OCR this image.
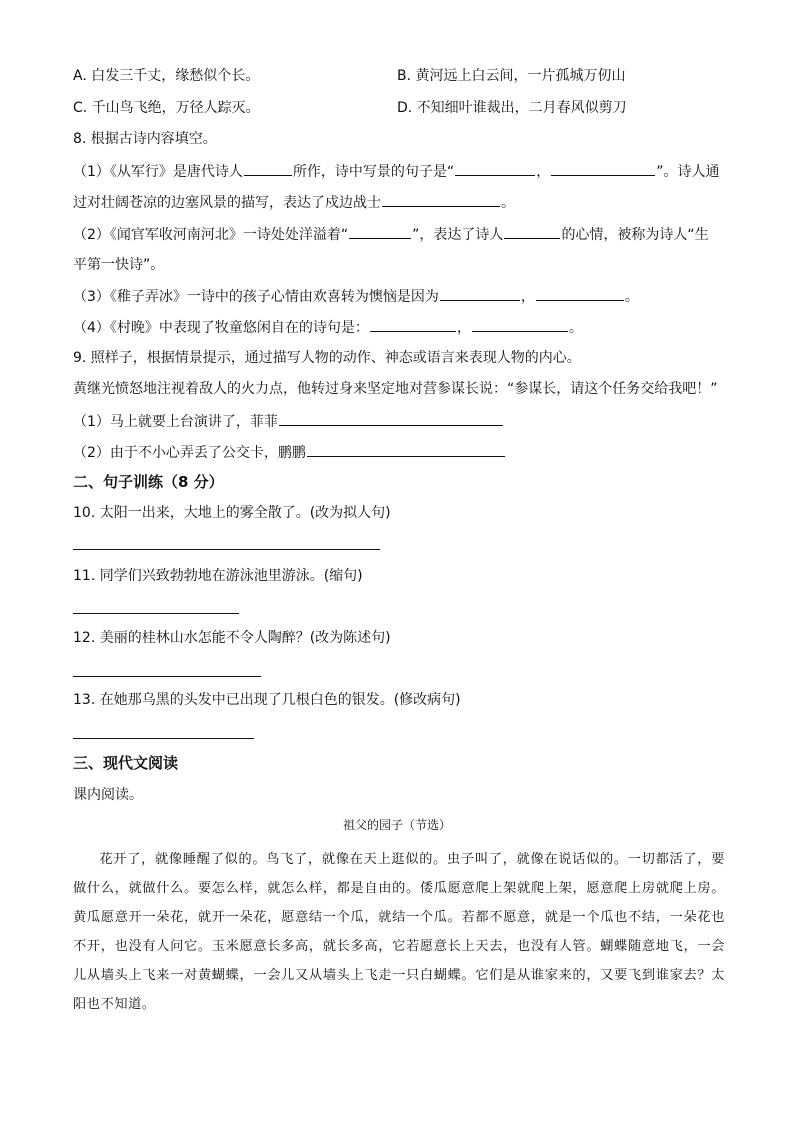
A. 白发三千丈，缘愁似个长。	B. 黄河远上白云间，一片孤城万仞山
C. 千山鸟飞绝，万径人踪灭。	D. 不知细叶谁裁出，二月春风似剪刀
8. 根据古诗内容填空。
（1）《从军行》是唐代诗人	所作，诗中写景的句子是“	，	”。诗人通
过对壮阔苍凉的边塞风景的描写，表达了戍边战士	。
（2）《闻官军收河南河北》一诗处处洋溢着“	”，表达了诗人	的心情，被称为诗人“生
平第一快诗”。
（3）《稚子弄冰》一诗中的孩子心情由欢喜转为懊恼是因为	，	。
（4）《村晚》中表现了牧童悠闲自在的诗句是：	，	。
9. 照样子，根据情景提示，通过描写人物的动作、神态或语言来表现人物的内心。
黄继光愤怒地注视着敌人的火力点，他转过身来坚定地对营参谋长说：“参谋长，请这个任务交给我吧！”
（1）马上就要上台演讲了，菲菲
（2）由于不小心弄丢了公交卡，鹏鹏
二、句子训练（8 分）
10. 太阳一出来，大地上的雾全散了。(改为拟人句)
11. 同学们兴致勃勃地在游泳池里游泳。(缩句)
12. 美丽的桂林山水怎能不令人陶醉？(改为陈述句)
13. 在她那乌黑的头发中已出现了几根白色的银发。(修改病句)
三、现代文阅读
课内阅读。
祖父的园子（节选）
花开了，就像睡醒了似的。鸟飞了，就像在天上逛似的。虫子叫了，就像在说话似的。一切都活了，要做什么，就做什么。要怎么样，就怎么样，都是自由的。倭瓜愿意爬上架就爬上架，愿意爬上房就爬上房。黄瓜愿意开一朵花，就开一朵花，愿意结一个瓜，就结一个瓜。若都不愿意，就是一个瓜也不结，一朵花也不开，也没有人问它。玉米愿意长多高，就长多高，它若愿意长上天去，也没有人管。蝴蝶随意地飞，一会儿从墙头上飞来一对黄蝴蝶，一会儿又从墙头上飞走一只白蝴蝶。它们是从谁家来的，又要飞到谁家去？太阳也不知道。
